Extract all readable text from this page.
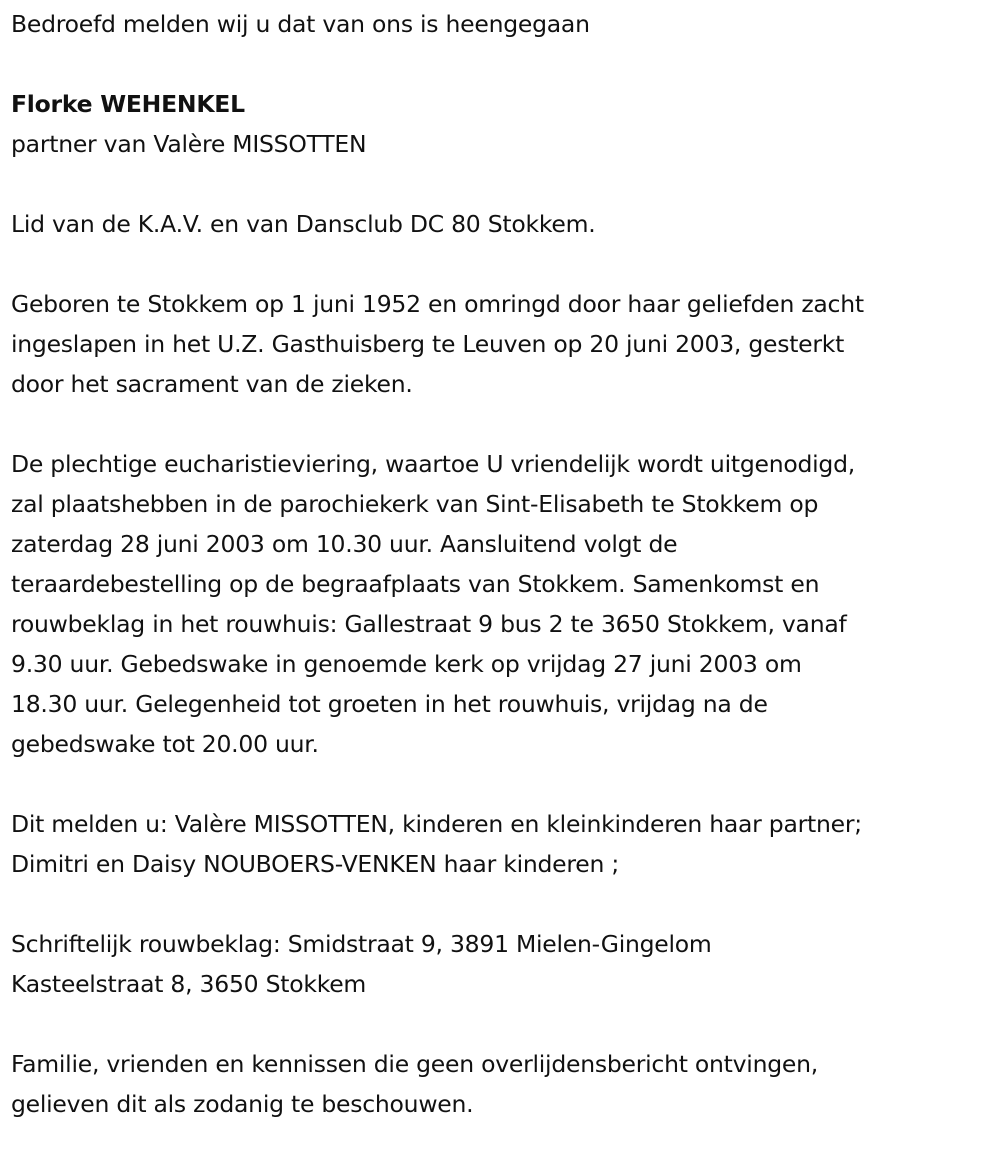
Bedroefd melden wij u dat van ons is heengegaan
Florke WEHENKEL
partner van Valère MISSOTTEN
Lid van de K.A.V. en van Dansclub DC 80 Stokkem.
Geboren te Stokkem op 1 juni 1952 en omringd door haar geliefden zacht
ingeslapen in het U.Z. Gasthuisberg te Leuven op 20 juni 2003, gesterkt
door het sacrament van de zieken.
De plechtige eucharistieviering, waartoe U vriendelijk wordt uitgenodigd,
zal plaatshebben in de parochiekerk van Sint-Elisabeth te Stokkem op
zaterdag 28 juni 2003 om 10.30 uur. Aansluitend volgt de
teraardebestelling op de begraafplaats van Stokkem. Samenkomst en
rouwbeklag in het rouwhuis: Gallestraat 9 bus 2 te 3650 Stokkem, vanaf
9.30 uur. Gebedswake in genoemde kerk op vrijdag 27 juni 2003 om
18.30 uur. Gelegenheid tot groeten in het rouwhuis, vrijdag na de
gebedswake tot 20.00 uur.
Dit melden u: Valère MISSOTTEN, kinderen en kleinkinderen haar partner;
Dimitri en Daisy NOUBOERS-VENKEN haar kinderen ;
Schriftelijk rouwbeklag: Smidstraat 9, 3891 Mielen-Gingelom
Kasteelstraat 8, 3650 Stokkem
Familie, vrienden en kennissen die geen overlijdensbericht ontvingen,
gelieven dit als zodanig te beschouwen.
